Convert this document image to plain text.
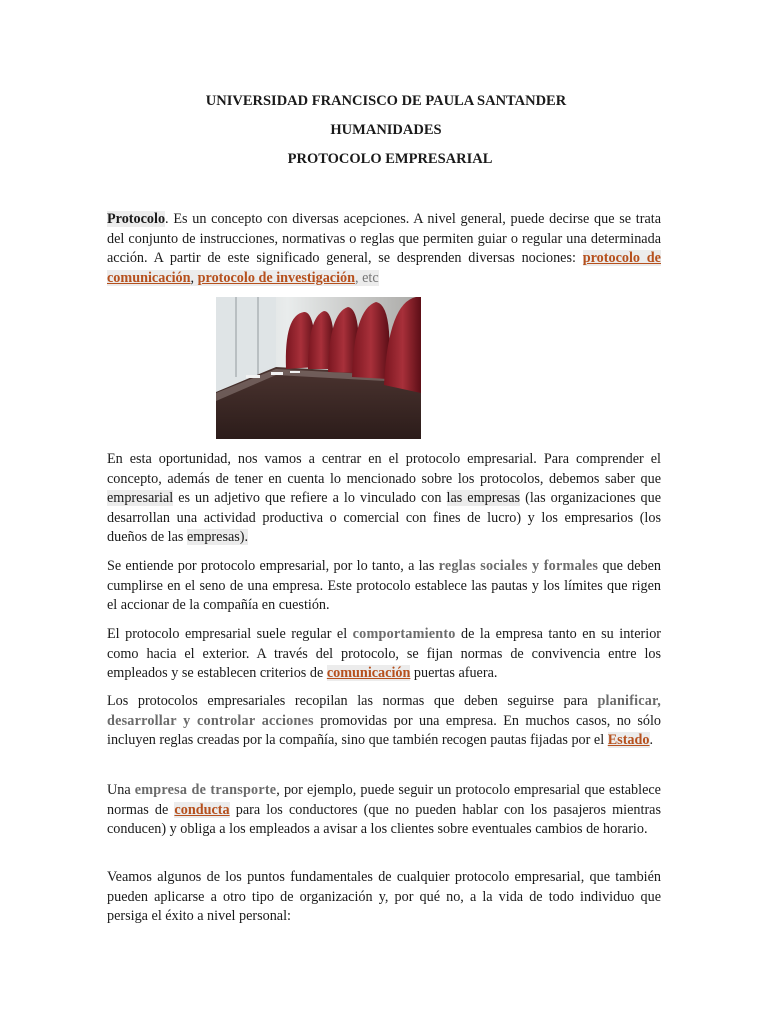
UNIVERSIDAD FRANCISCO DE PAULA SANTANDER
HUMANIDADES
PROTOCOLO EMPRESARIAL

Protocolo. Es un concepto con diversas acepciones. A nivel general, puede decirse que se trata del conjunto de instrucciones, normativas o reglas que permiten guiar o regular una determinada acción. A partir de este significado general, se desprenden diversas nociones: protocolo de comunicación, protocolo de investigación, etc

En esta oportunidad, nos vamos a centrar en el protocolo empresarial. Para comprender el concepto, además de tener en cuenta lo mencionado sobre los protocolos, debemos saber que empresarial es un adjetivo que refiere a lo vinculado con las empresas (las organizaciones que desarrollan una actividad productiva o comercial con fines de lucro) y los empresarios (los dueños de las empresas).

Se entiende por protocolo empresarial, por lo tanto, a las reglas sociales y formales que deben cumplirse en el seno de una empresa. Este protocolo establece las pautas y los límites que rigen el accionar de la compañía en cuestión.

El protocolo empresarial suele regular el comportamiento de la empresa tanto en su interior como hacia el exterior. A través del protocolo, se fijan normas de convivencia entre los empleados y se establecen criterios de comunicación puertas afuera.

Los protocolos empresariales recopilan las normas que deben seguirse para planificar, desarrollar y controlar acciones promovidas por una empresa. En muchos casos, no sólo incluyen reglas creadas por la compañía, sino que también recogen pautas fijadas por el Estado.

Una empresa de transporte, por ejemplo, puede seguir un protocolo empresarial que establece normas de conducta para los conductores (que no pueden hablar con los pasajeros mientras conducen) y obliga a los empleados a avisar a los clientes sobre eventuales cambios de horario.

Veamos algunos de los puntos fundamentales de cualquier protocolo empresarial, que también pueden aplicarse a otro tipo de organización y, por qué no, a la vida de todo individuo que persiga el éxito a nivel personal:
